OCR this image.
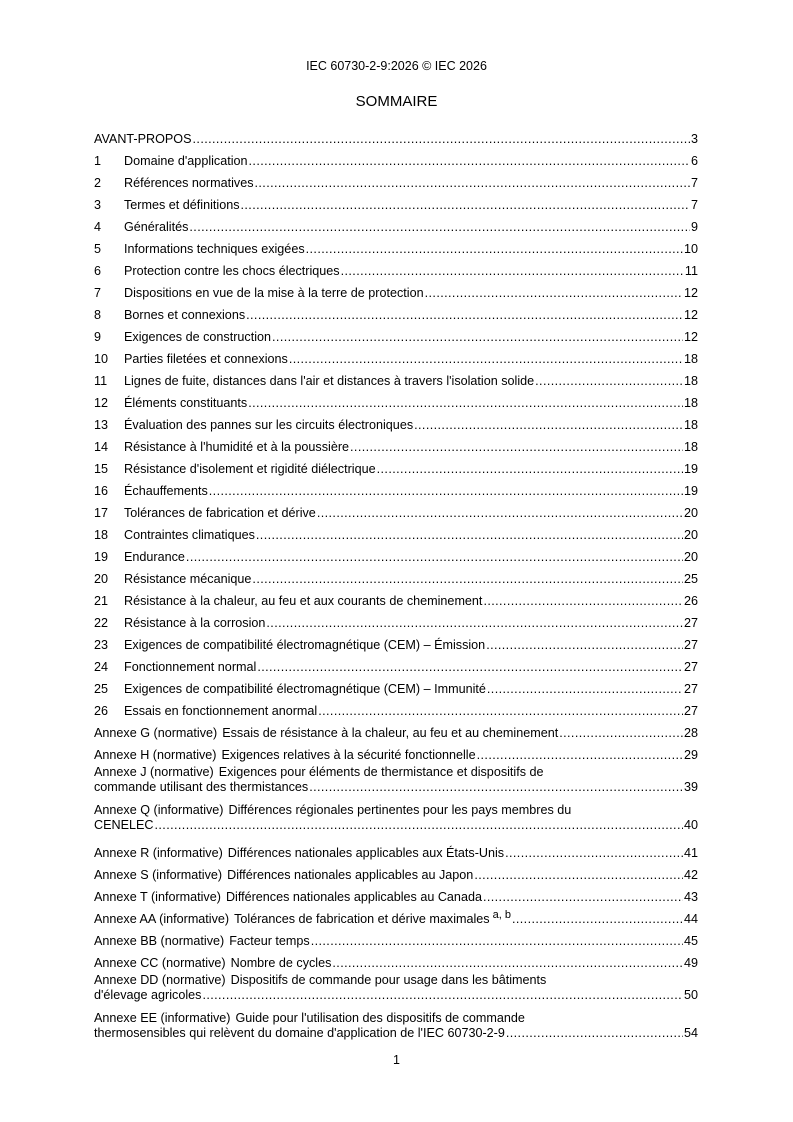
IEC 60730-2-9:2026 © IEC 2026
SOMMAIRE
AVANT-PROPOS .....	3
1	Domaine d'application .....	6
2	Références normatives .....	7
3	Termes et définitions .....	7
4	Généralités .....	9
5	Informations techniques exigées .....	10
6	Protection contre les chocs électriques .....	11
7	Dispositions en vue de la mise à la terre de protection .....	12
8	Bornes et connexions .....	12
9	Exigences de construction .....	12
10	Parties filetées et connexions .....	18
11	Lignes de fuite, distances dans l'air et distances à travers l'isolation solide .....	18
12	Éléments constituants .....	18
13	Évaluation des pannes sur les circuits électroniques .....	18
14	Résistance à l'humidité et à la poussière .....	18
15	Résistance d'isolement et rigidité diélectrique .....	19
16	Échauffements .....	19
17	Tolérances de fabrication et dérive .....	20
18	Contraintes climatiques .....	20
19	Endurance .....	20
20	Résistance mécanique .....	25
21	Résistance à la chaleur, au feu et aux courants de cheminement .....	26
22	Résistance à la corrosion .....	27
23	Exigences de compatibilité électromagnétique (CEM) – Émission .....	27
24	Fonctionnement normal .....	27
25	Exigences de compatibilité électromagnétique (CEM) – Immunité .....	27
26	Essais en fonctionnement anormal .....	27
Annexe G (normative) Essais de résistance à la chaleur, au feu et au cheminement .....	28
Annexe H (normative) Exigences relatives à la sécurité fonctionnelle .....	29
Annexe J (normative) Exigences pour éléments de thermistance et dispositifs de
commande utilisant des thermistances .....	39
Annexe Q (informative) Différences régionales pertinentes pour les pays membres du
CENELEC .....	40
Annexe R (informative) Différences nationales applicables aux États-Unis .....	41
Annexe S (informative) Différences nationales applicables au Japon .....	42
Annexe T (informative) Différences nationales applicables au Canada .....	43
Annexe AA (informative) Tolérances de fabrication et dérive maximales a, b .....	44
Annexe BB (normative) Facteur temps .....	45
Annexe CC (normative) Nombre de cycles .....	49
Annexe DD (normative) Dispositifs de commande pour usage dans les bâtiments
d'élevage agricoles .....	50
Annexe EE (informative) Guide pour l'utilisation des dispositifs de commande
thermosensibles qui relèvent du domaine d'application de l'IEC 60730-2-9 .....	54
1
